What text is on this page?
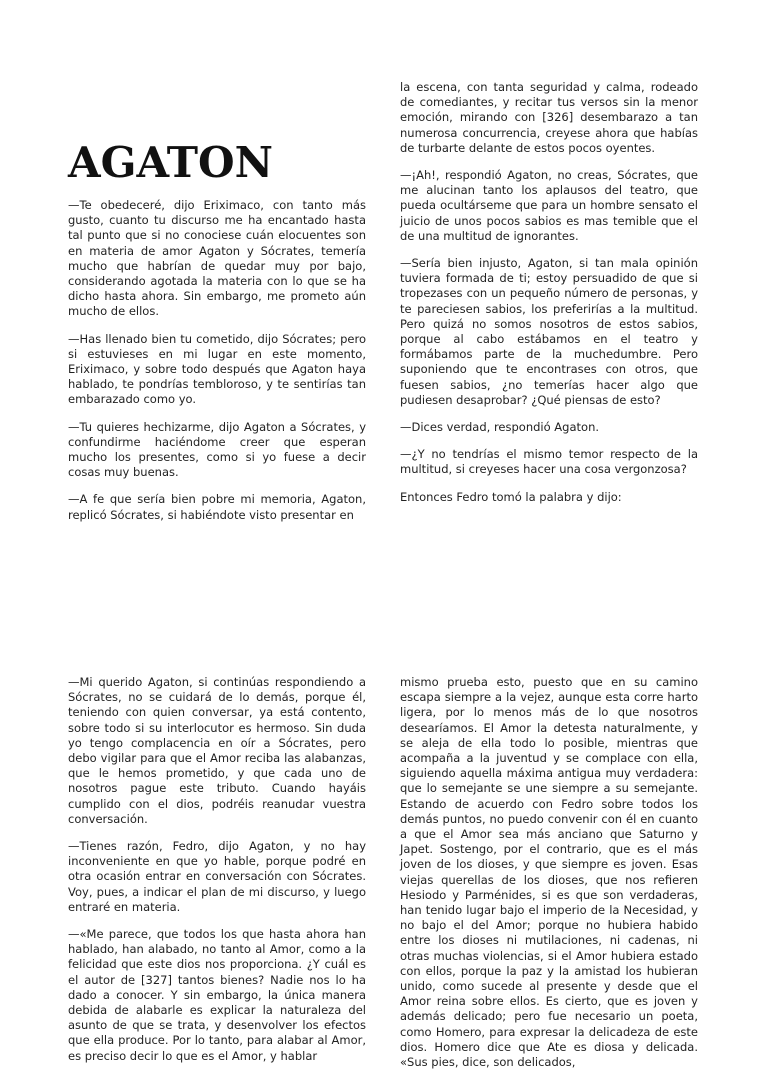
AGATON

—Te obedeceré, dijo Eriximaco, con tanto más gusto, cuanto tu discurso me ha encantado hasta tal punto que si no conociese cuán elocuentes son en materia de amor Agaton y Sócrates, temería mucho que habrían de quedar muy por bajo, considerando agotada la materia con lo que se ha dicho hasta ahora. Sin embargo, me prometo aún mucho de ellos.

—Has llenado bien tu cometido, dijo Sócrates; pero si estuvieses en mi lugar en este momento, Eriximaco, y sobre todo después que Agaton haya hablado, te pondrías tembloroso, y te sentirías tan embarazado como yo.

—Tu quieres hechizarme, dijo Agaton a Sócrates, y confundirme haciéndome creer que esperan mucho los presentes, como si yo fuese a decir cosas muy buenas.

—A fe que sería bien pobre mi memoria, Agaton, replicó Sócrates, si habiéndote visto presentar en

la escena, con tanta seguridad y calma, rodeado de comediantes, y recitar tus versos sin la menor emoción, mirando con [326] desembarazo a tan numerosa concurrencia, creyese ahora que habías de turbarte delante de estos pocos oyentes.

—¡Ah!, respondió Agaton, no creas, Sócrates, que me alucinan tanto los aplausos del teatro, que pueda ocultárseme que para un hombre sensato el juicio de unos pocos sabios es mas temible que el de una multitud de ignorantes.

—Sería bien injusto, Agaton, si tan mala opinión tuviera formada de ti; estoy persuadido de que si tropezases con un pequeño número de personas, y te pareciesen sabios, los preferirías a la multitud. Pero quizá no somos nosotros de estos sabios, porque al cabo estábamos en el teatro y formábamos parte de la muchedumbre. Pero suponiendo que te encontrases con otros, que fuesen sabios, ¿no temerías hacer algo que pudiesen desaprobar? ¿Qué piensas de esto?

—Dices verdad, respondió Agaton.

—¿Y no tendrías el mismo temor respecto de la multitud, si creyeses hacer una cosa vergonzosa?

Entonces Fedro tomó la palabra y dijo:

—Mi querido Agaton, si continúas respondiendo a Sócrates, no se cuidará de lo demás, porque él, teniendo con quien conversar, ya está contento, sobre todo si su interlocutor es hermoso. Sin duda yo tengo complacencia en oír a Sócrates, pero debo vigilar para que el Amor reciba las alabanzas, que le hemos prometido, y que cada uno de nosotros pague este tributo. Cuando hayáis cumplido con el dios, podréis reanudar vuestra conversación.

—Tienes razón, Fedro, dijo Agaton, y no hay inconveniente en que yo hable, porque podré en otra ocasión entrar en conversación con Sócrates. Voy, pues, a indicar el plan de mi discurso, y luego entraré en materia.

—«Me parece, que todos los que hasta ahora han hablado, han alabado, no tanto al Amor, como a la felicidad que este dios nos proporciona. ¿Y cuál es el autor de [327] tantos bienes? Nadie nos lo ha dado a conocer. Y sin embargo, la única manera debida de alabarle es explicar la naturaleza del asunto de que se trata, y desenvolver los efectos que ella produce. Por lo tanto, para alabar al Amor, es preciso decir lo que es el Amor, y hablar

mismo prueba esto, puesto que en su camino escapa siempre a la vejez, aunque esta corre harto ligera, por lo menos más de lo que nosotros desearíamos. El Amor la detesta naturalmente, y se aleja de ella todo lo posible, mientras que acompaña a la juventud y se complace con ella, siguiendo aquella máxima antigua muy verdadera: que lo semejante se une siempre a su semejante. Estando de acuerdo con Fedro sobre todos los demás puntos, no puedo convenir con él en cuanto a que el Amor sea más anciano que Saturno y Japet. Sostengo, por el contrario, que es el más joven de los dioses, y que siempre es joven. Esas viejas querellas de los dioses, que nos refieren Hesiodo y Parménides, si es que son verdaderas, han tenido lugar bajo el imperio de la Necesidad, y no bajo el del Amor; porque no hubiera habido entre los dioses ni mutilaciones, ni cadenas, ni otras muchas violencias, si el Amor hubiera estado con ellos, porque la paz y la amistad los hubieran unido, como sucede al presente y desde que el Amor reina sobre ellos. Es cierto, que es joven y además delicado; pero fue necesario un poeta, como Homero, para expresar la delicadeza de este dios. Homero dice que Ate es diosa y delicada. «Sus pies, dice, son delicados,
